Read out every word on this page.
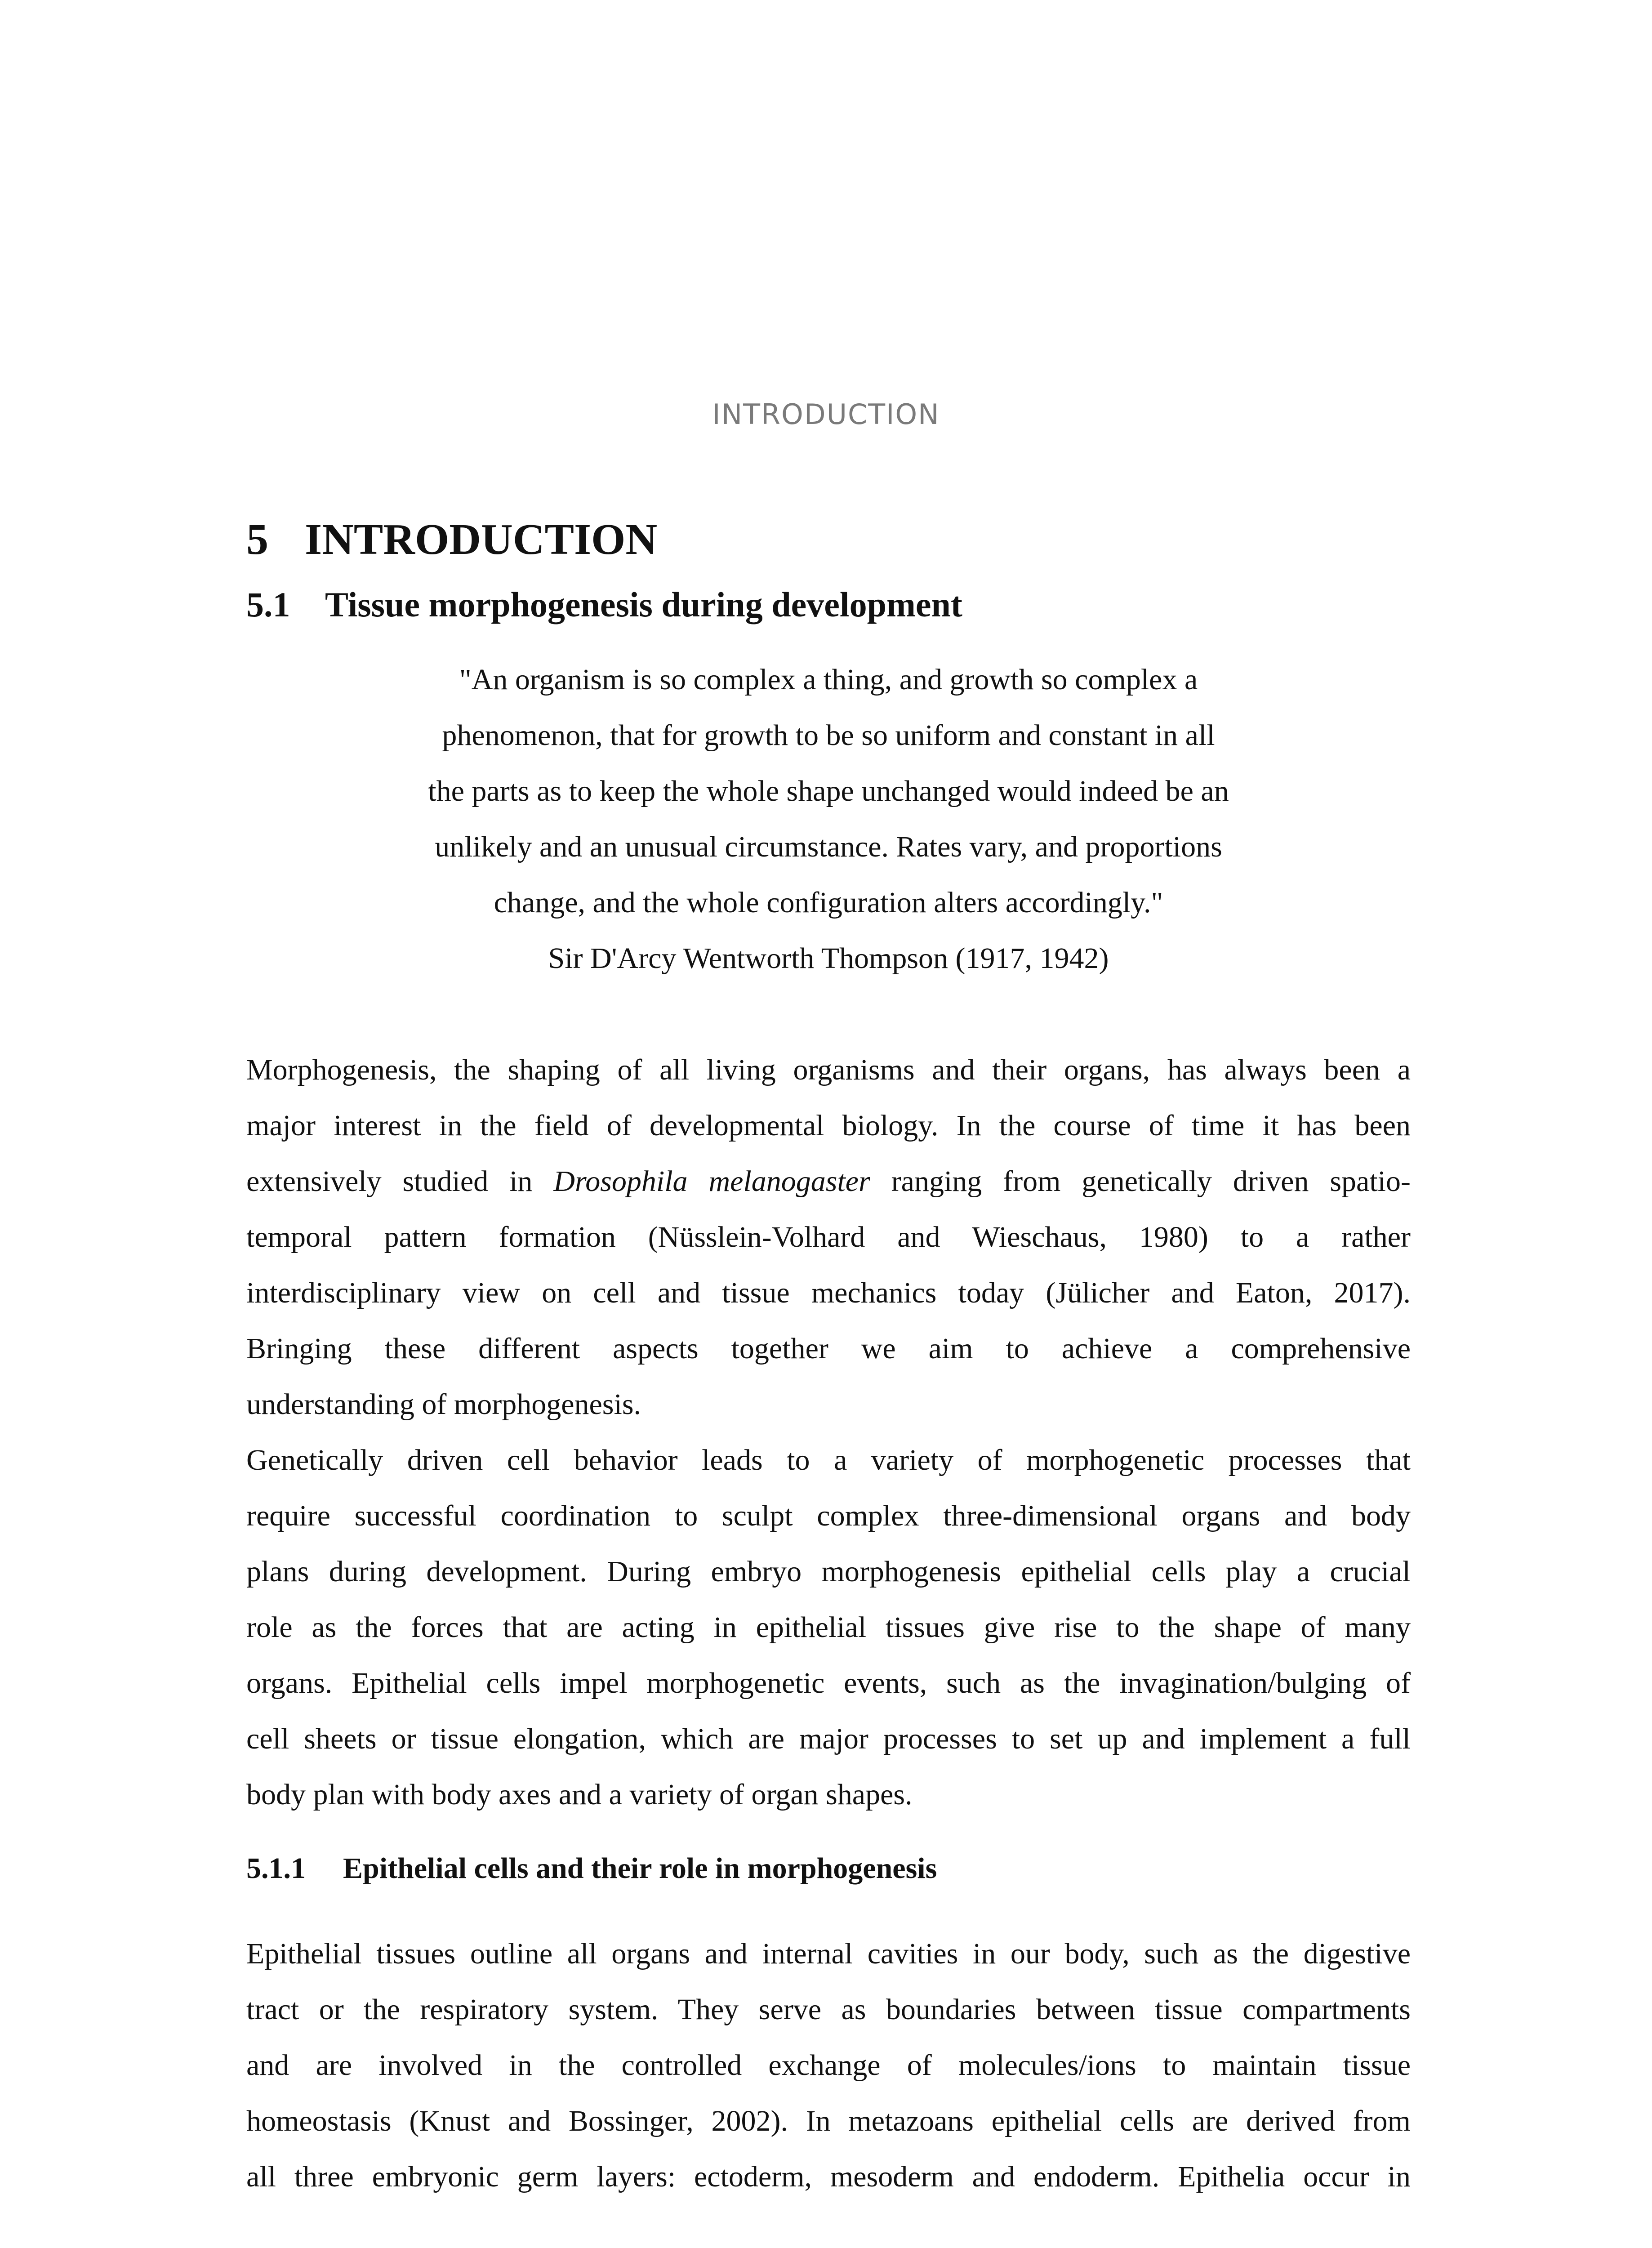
INTRODUCTION
5 INTRODUCTION
5.1 Tissue morphogenesis during development
"An organism is so complex a thing, and growth so complex a
phenomenon, that for growth to be so uniform and constant in all
the parts as to keep the whole shape unchanged would indeed be an
unlikely and an unusual circumstance. Rates vary, and proportions
change, and the whole configuration alters accordingly."
Sir D'Arcy Wentworth Thompson (1917, 1942)
Morphogenesis, the shaping of all living organisms and their organs, has always been a
major interest in the field of developmental biology. In the course of time it has been
extensively studied in Drosophila melanogaster ranging from genetically driven spatio-
temporal pattern formation (Nüsslein-Volhard and Wieschaus, 1980) to a rather
interdisciplinary view on cell and tissue mechanics today (Jülicher and Eaton, 2017).
Bringing these different aspects together we aim to achieve a comprehensive
understanding of morphogenesis.
Genetically driven cell behavior leads to a variety of morphogenetic processes that
require successful coordination to sculpt complex three-dimensional organs and body
plans during development. During embryo morphogenesis epithelial cells play a crucial
role as the forces that are acting in epithelial tissues give rise to the shape of many
organs. Epithelial cells impel morphogenetic events, such as the invagination/bulging of
cell sheets or tissue elongation, which are major processes to set up and implement a full
body plan with body axes and a variety of organ shapes.
5.1.1	Epithelial cells and their role in morphogenesis
Epithelial tissues outline all organs and internal cavities in our body, such as the digestive
tract or the respiratory system. They serve as boundaries between tissue compartments
and are involved in the controlled exchange of molecules/ions to maintain tissue
homeostasis (Knust and Bossinger, 2002). In metazoans epithelial cells are derived from
all three embryonic germ layers: ectoderm, mesoderm and endoderm. Epithelia occur in
